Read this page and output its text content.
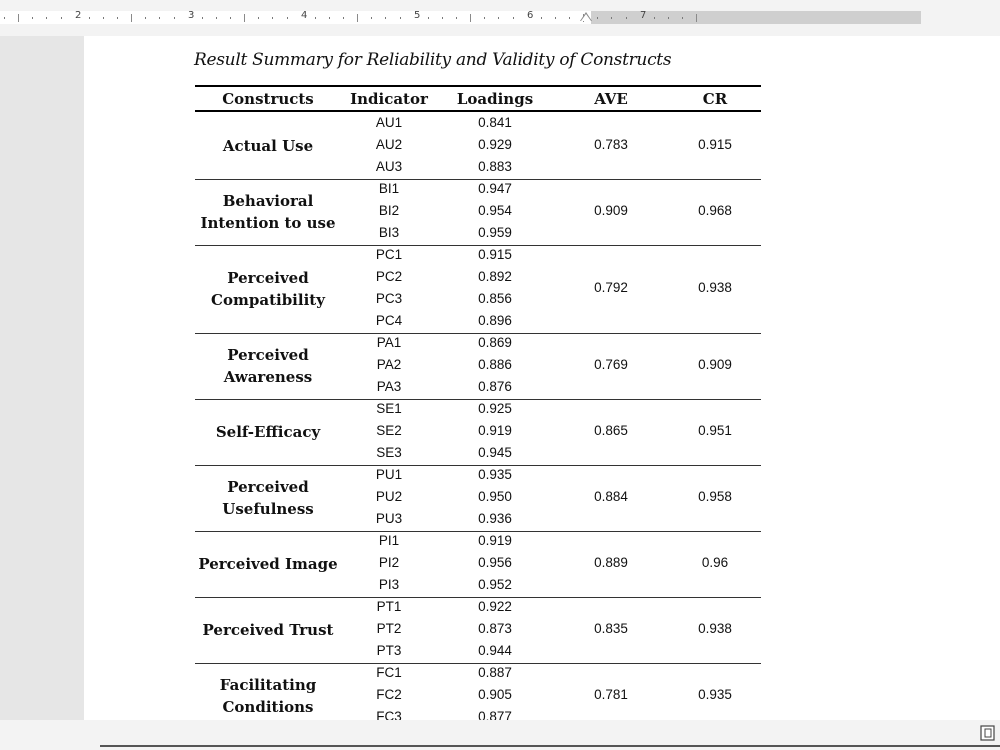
2	3	4	5	6	7
Result Summary for Reliability and Validity of Constructs
Constructs	Indicator	Loadings	AVE	CR
Actual Use
AU1	0.841
AU2	0.929
AU3	0.883
0.783	0.915
Behavioral Intention to use
BI1	0.947
BI2	0.954
BI3	0.959
0.909	0.968
Perceived Compatibility
PC1	0.915
PC2	0.892
PC3	0.856
PC4	0.896
0.792	0.938
Perceived Awareness
PA1	0.869
PA2	0.886
PA3	0.876
0.769	0.909
Self-Efficacy
SE1	0.925
SE2	0.919
SE3	0.945
0.865	0.951
Perceived Usefulness
PU1	0.935
PU2	0.950
PU3	0.936
0.884	0.958
Perceived Image
PI1	0.919
PI2	0.956
PI3	0.952
0.889	0.96
Perceived Trust
PT1	0.922
PT2	0.873
PT3	0.944
0.835	0.938
Facilitating Conditions
FC1	0.887
FC2	0.905
FC3	0.877
0.781	0.935
